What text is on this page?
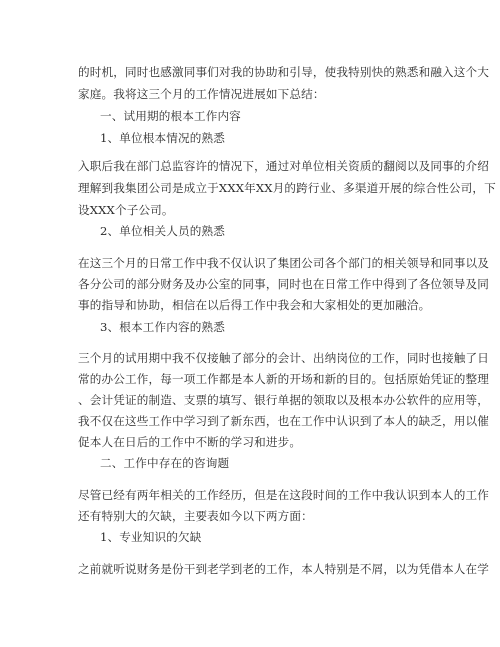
的时机，同时也感激同事们对我的协助和引导，使我特别快的熟悉和融入这个大
家庭。我将这三个月的工作情况进展如下总结：
一、试用期的根本工作内容
1、单位根本情况的熟悉
入职后我在部门总监容许的情况下，通过对单位相关资质的翻阅以及同事的介绍
理解到我集团公司是成立于XXX年XX月的跨行业、多渠道开展的综合性公司，下
设XXX个子公司。
2、单位相关人员的熟悉
在这三个月的日常工作中我不仅认识了集团公司各个部门的相关领导和同事以及
各分公司的部分财务及办公室的同事，同时也在日常工作中得到了各位领导及同
事的指导和协助，相信在以后得工作中我会和大家相处的更加融洽。
3、根本工作内容的熟悉
三个月的试用期中我不仅接触了部分的会计、出纳岗位的工作，同时也接触了日
常的办公工作，每一项工作都是本人新的开场和新的目的。包括原始凭证的整理
、会计凭证的制造、支票的填写、银行单据的领取以及根本办公软件的应用等，
我不仅在这些工作中学习到了新东西，也在工作中认识到了本人的缺乏，用以催
促本人在日后的工作中不断的学习和进步。
二、工作中存在的咨询题
尽管已经有两年相关的工作经历，但是在这段时间的工作中我认识到本人的工作
还有特别大的欠缺，主要表如今以下两方面：
1、专业知识的欠缺
之前就听说财务是份干到老学到老的工作，本人特别是不屑，以为凭借本人在学
